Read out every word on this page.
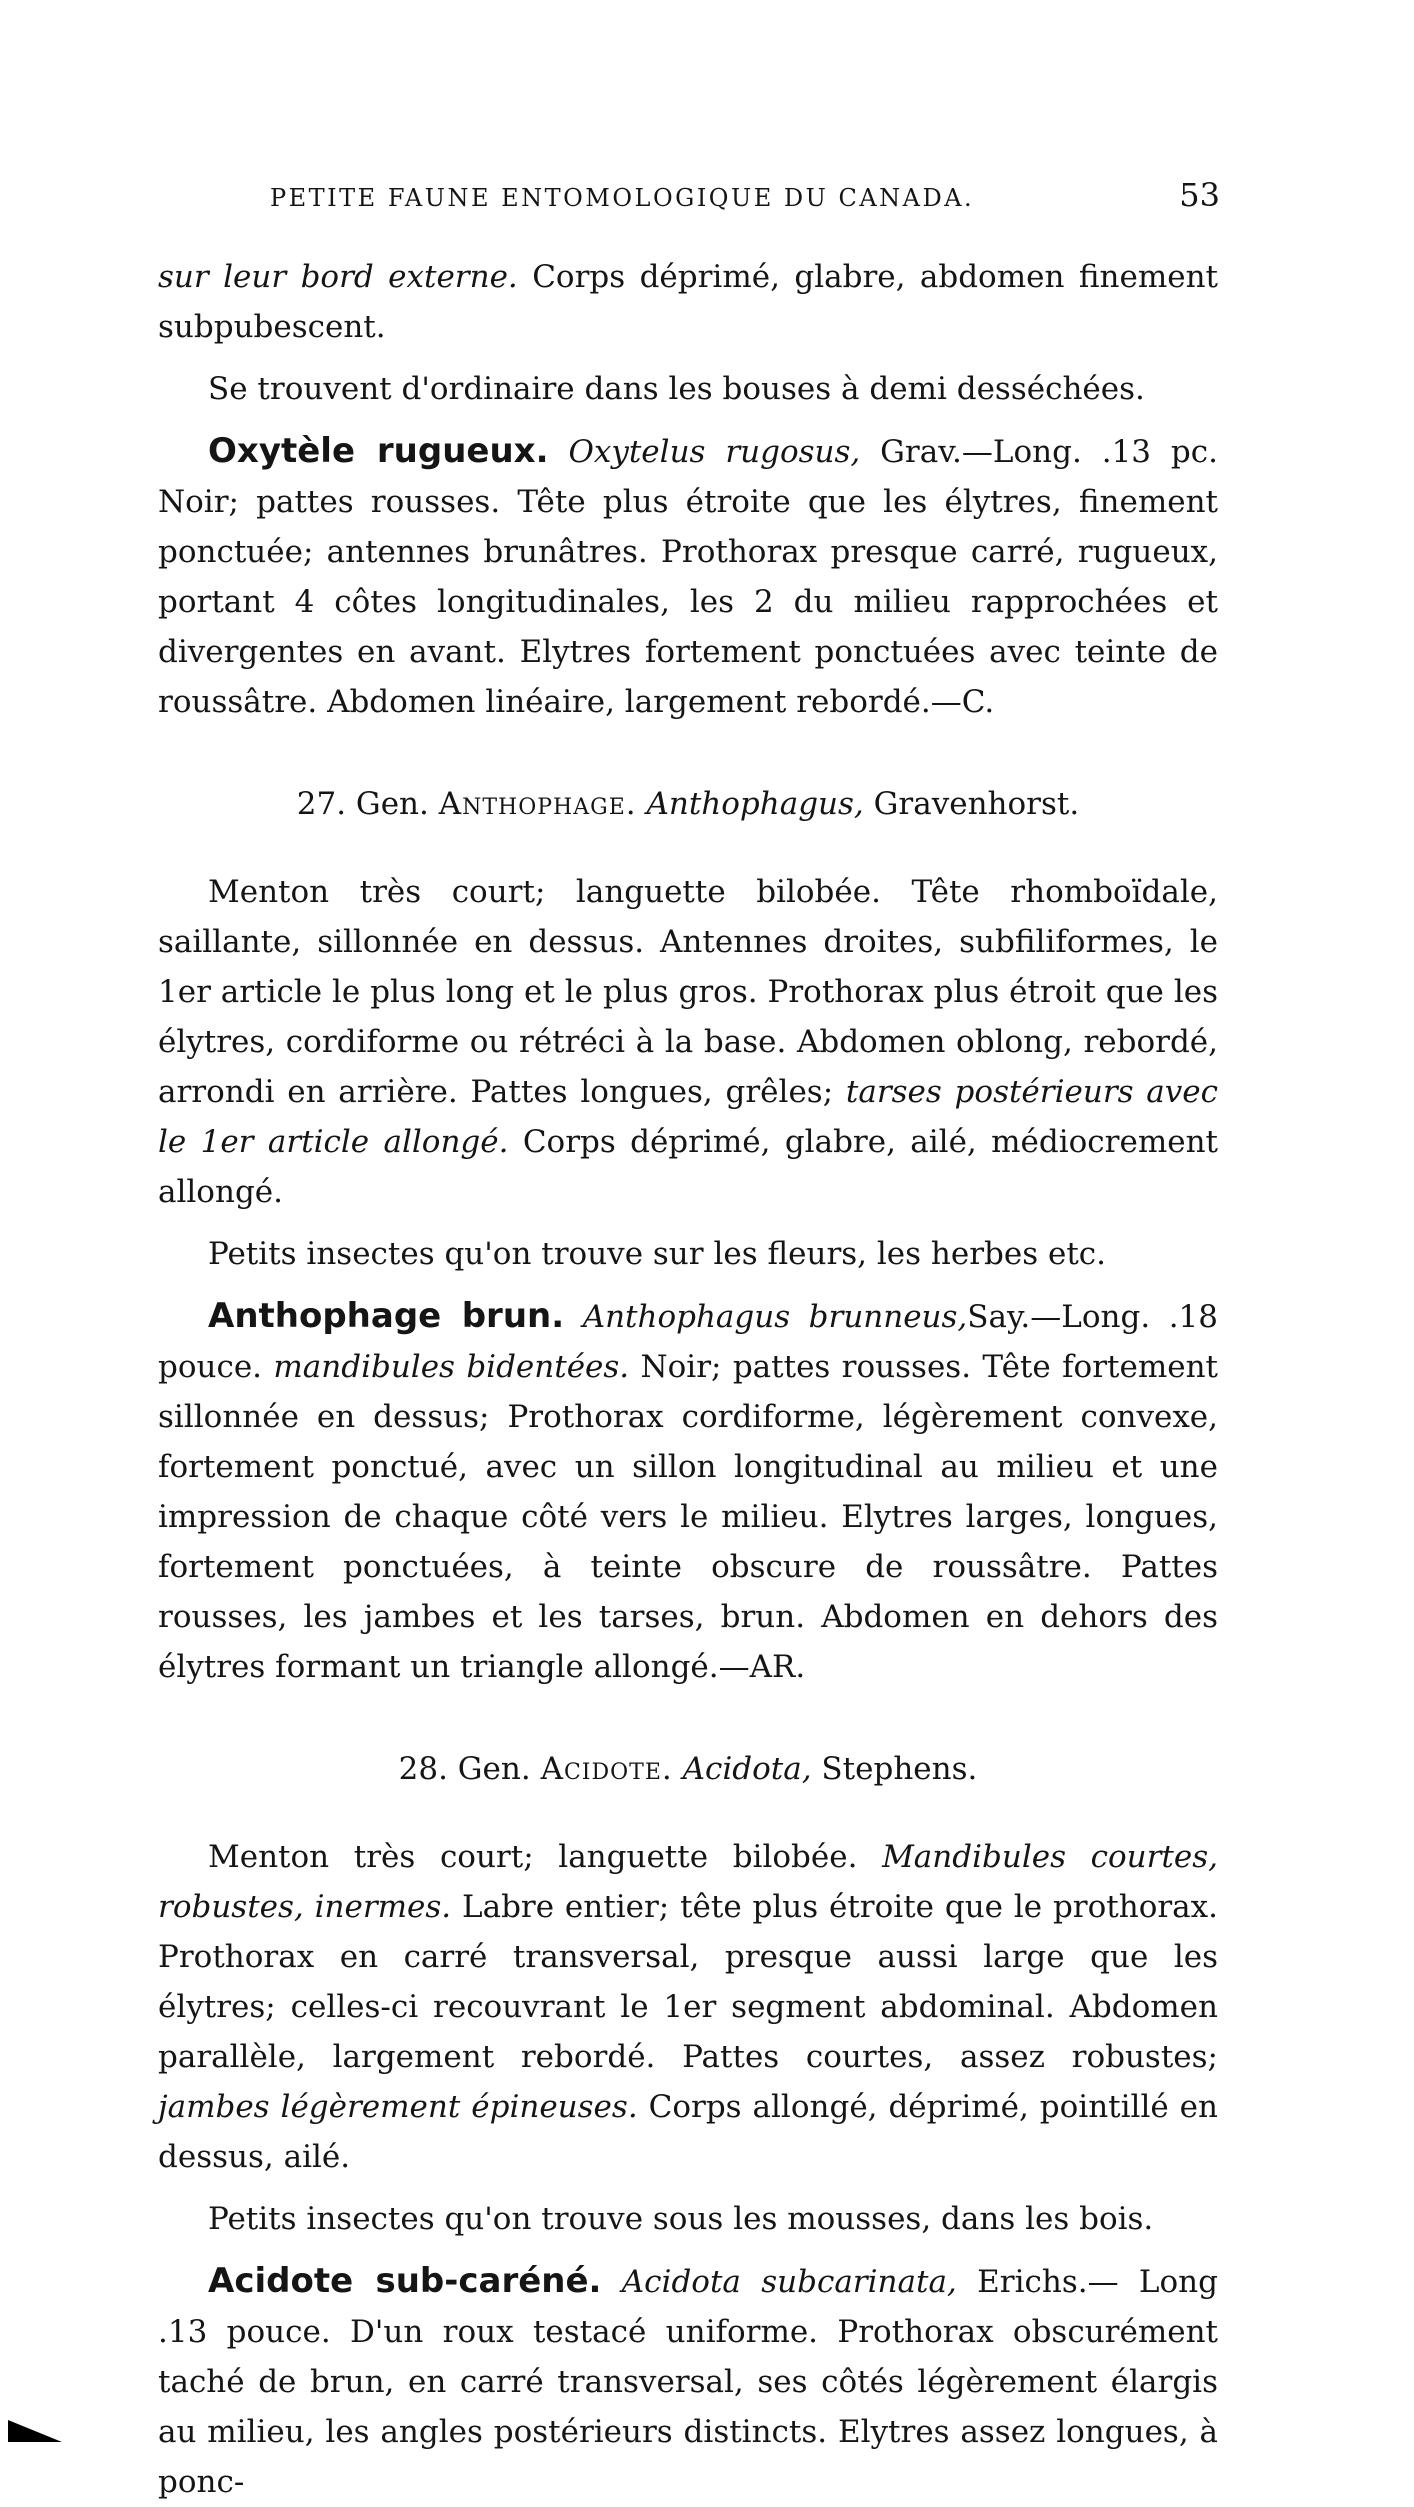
PETITE FAUNE ENTOMOLOGIQUE DU CANADA.	53

sur leur bord externe. Corps déprimé, glabre, abdomen finement subpubescent.

Se trouvent d'ordinaire dans les bouses à demi desséchées.

Oxytèle rugueux. Oxytelus rugosus, Grav.—Long. .13 pc. Noir; pattes rousses. Tête plus étroite que les élytres, finement ponctuée; antennes brunâtres. Prothorax presque carré, rugueux, portant 4 côtes longitudinales, les 2 du milieu rapprochées et divergentes en avant. Elytres fortement ponctuées avec teinte de roussâtre. Abdomen linéaire, largement rebordé.—C.

27. Gen. Anthophage. Anthophagus, Gravenhorst.

Menton très court; languette bilobée. Tête rhomboïdale, saillante, sillonnée en dessus. Antennes droites, subfiliformes, le 1er article le plus long et le plus gros. Prothorax plus étroit que les élytres, cordiforme ou rétréci à la base. Abdomen oblong, rebordé, arrondi en arrière. Pattes longues, grêles; tarses postérieurs avec le 1er article allongé. Corps déprimé, glabre, ailé, médiocrement allongé.

Petits insectes qu'on trouve sur les fleurs, les herbes etc.

Anthophage brun. Anthophagus brunneus,Say.—Long. .18 pouce. mandibules bidentées. Noir; pattes rousses. Tête fortement sillonnée en dessus; Prothorax cordiforme, légèrement convexe, fortement ponctué, avec un sillon longitudinal au milieu et une impression de chaque côté vers le milieu. Elytres larges, longues, fortement ponctuées, à teinte obscure de roussâtre. Pattes rousses, les jambes et les tarses, brun. Abdomen en dehors des élytres formant un triangle allongé.—AR.

28. Gen. Acidote. Acidota, Stephens.

Menton très court; languette bilobée. Mandibules courtes, robustes, inermes. Labre entier; tête plus étroite que le prothorax. Prothorax en carré transversal, presque aussi large que les élytres; celles-ci recouvrant le 1er segment abdominal. Abdomen parallèle, largement rebordé. Pattes courtes, assez robustes; jambes légèrement épineuses. Corps allongé, déprimé, pointillé en dessus, ailé.

Petits insectes qu'on trouve sous les mousses, dans les bois.

Acidote sub-caréné. Acidota subcarinata, Erichs.— Long .13 pouce. D'un roux testacé uniforme. Prothorax obscurément taché de brun, en carré transversal, ses côtés légèrement élargis au milieu, les angles postérieurs distincts. Elytres assez longues, à ponc-
